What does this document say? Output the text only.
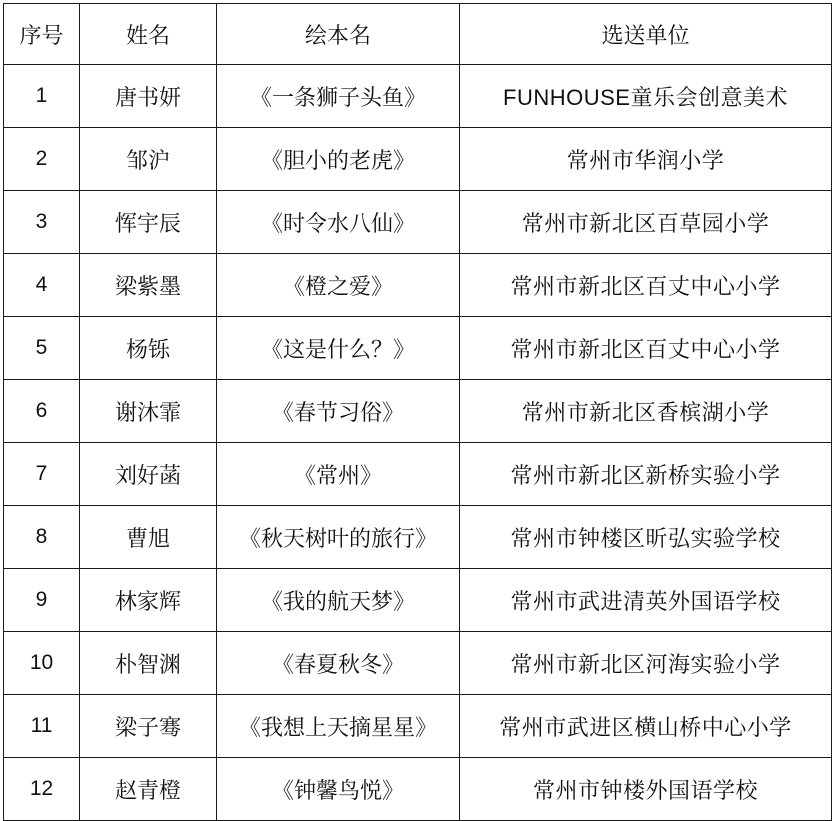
序号	姓名	绘本名	选送单位
1	唐书妍	《一条狮子头鱼》	FUNHOUSE童乐会创意美术
2	邹沪	《胆小的老虎》	常州市华润小学
3	恽宇辰	《时令水八仙》	常州市新北区百草园小学
4	梁紫墨	《橙之爱》	常州市新北区百丈中心小学
5	杨铄	《这是什么？》	常州市新北区百丈中心小学
6	谢沐霏	《春节习俗》	常州市新北区香槟湖小学
7	刘好菡	《常州》	常州市新北区新桥实验小学
8	曹旭	《秋天树叶的旅行》	常州市钟楼区昕弘实验学校
9	林家辉	《我的航天梦》	常州市武进清英外国语学校
10	朴智渊	《春夏秋冬》	常州市新北区河海实验小学
11	梁子骞	《我想上天摘星星》	常州市武进区横山桥中心小学
12	赵青橙	《钟馨鸟悦》	常州市钟楼外国语学校
